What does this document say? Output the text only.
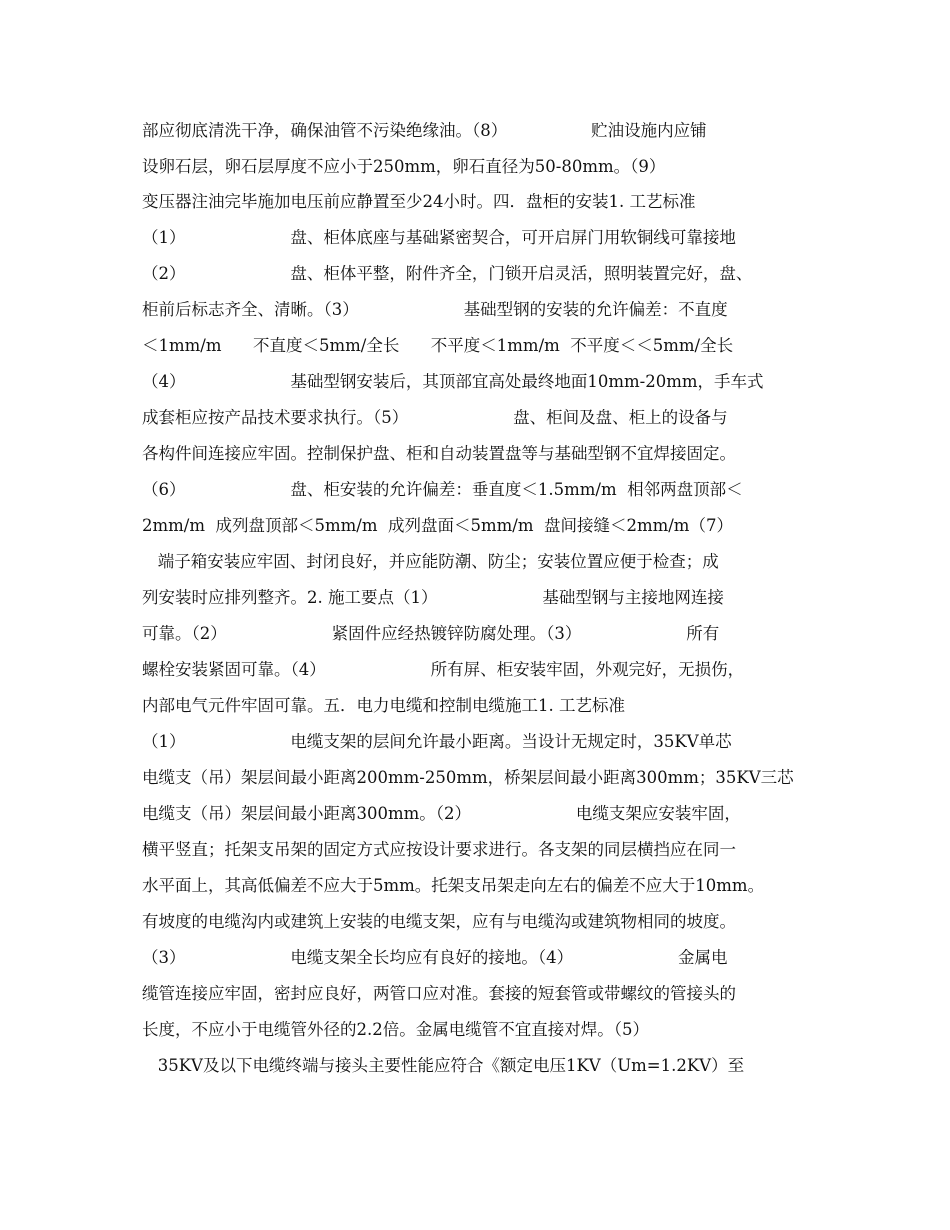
部应彻底清洗干净，确保油管不污染绝缘油。（8）                贮油设施内应铺
设卵石层，卵石层厚度不应小于250mm，卵石直径为50-80mm。（9）
变压器注油完毕施加电压前应静置至少24小时。四．盘柜的安装1. 工艺标准
（1）                    盘、柜体底座与基础紧密契合，可开启屏门用软铜线可靠接地
（2）                    盘、柜体平整，附件齐全，门锁开启灵活，照明装置完好，盘、
柜前后标志齐全、清晰。（3）                    基础型钢的安装的允许偏差：不直度
＜1mm/m      不直度＜5mm/全长      不平度＜1mm/m  不平度＜＜5mm/全长
（4）                    基础型钢安装后，其顶部宜高处最终地面10mm-20mm，手车式
成套柜应按产品技术要求执行。（5）                    盘、柜间及盘、柜上的设备与
各构件间连接应牢固。控制保护盘、柜和自动装置盘等与基础型钢不宜焊接固定。
（6）                    盘、柜安装的允许偏差：垂直度＜1.5mm/m  相邻两盘顶部＜
2mm/m  成列盘顶部＜5mm/m  成列盘面＜5mm/m  盘间接缝＜2mm/m（7）
端子箱安装应牢固、封闭良好，并应能防潮、防尘；安装位置应便于检查；成
列安装时应排列整齐。2. 施工要点（1）                    基础型钢与主接地网连接
可靠。（2）                    紧固件应经热镀锌防腐处理。（3）                    所有
螺栓安装紧固可靠。（4）                    所有屏、柜安装牢固，外观完好，无损伤，
内部电气元件牢固可靠。五．电力电缆和控制电缆施工1. 工艺标准
（1）                    电缆支架的层间允许最小距离。当设计无规定时，35KV单芯
电缆支（吊）架层间最小距离200mm-250mm，桥架层间最小距离300mm；35KV三芯
电缆支（吊）架层间最小距离300mm。（2）                    电缆支架应安装牢固，
横平竖直；托架支吊架的固定方式应按设计要求进行。各支架的同层横挡应在同一
水平面上，其高低偏差不应大于5mm。托架支吊架走向左右的偏差不应大于10mm。
有坡度的电缆沟内或建筑上安装的电缆支架，应有与电缆沟或建筑物相同的坡度。
（3）                    电缆支架全长均应有良好的接地。（4）                    金属电
缆管连接应牢固，密封应良好，两管口应对准。套接的短套管或带螺纹的管接头的
长度，不应小于电缆管外径的2.2倍。金属电缆管不宜直接对焊。（5）
35KV及以下电缆终端与接头主要性能应符合《额定电压1KV（Um=1.2KV）至
